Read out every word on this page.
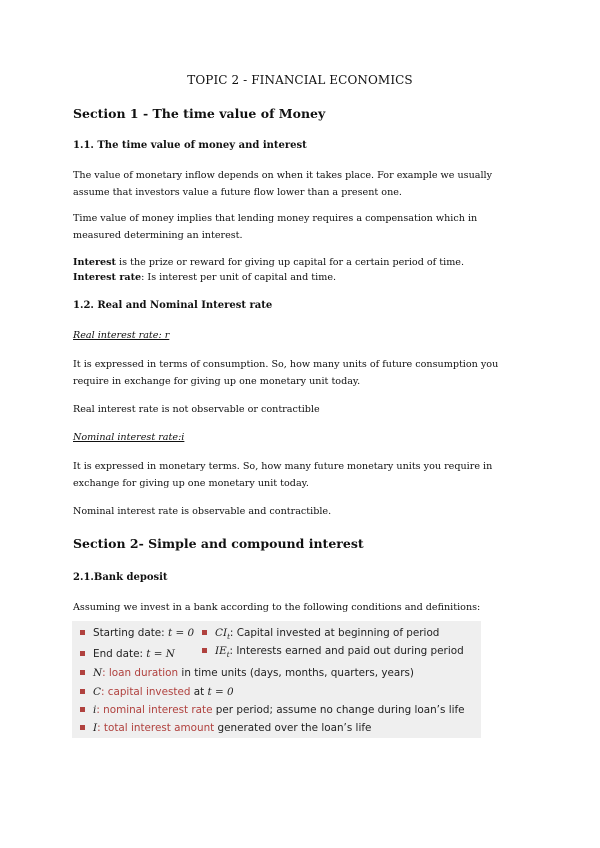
TOPIC 2 - FINANCIAL ECONOMICS
Section 1 - The time value of Money
1.1. The time value of money and interest
The value of monetary inflow depends on when it takes place. For example we usually assume that investors value a future flow lower than a present one.
Time value of money implies that lending money requires a compensation which in measured determining an interest.
Interest is the prize or reward for giving up capital for a certain period of time.
Interest rate: Is interest per unit of capital and time.
1.2. Real and Nominal Interest rate
Real interest rate: r
It is expressed in terms of consumption. So, how many units of future consumption you require in exchange for giving up one monetary unit today.
Real interest rate is not observable or contractible
Nominal interest rate:i
It is expressed in monetary terms. So, how many future monetary units you require in exchange for giving up one monetary unit today.
Nominal interest rate is observable and contractible.
Section 2- Simple and compound interest
2.1.Bank deposit
Assuming we invest in a bank according to the following conditions and definitions:
Starting date: t = 0
End date: t = N
$CI_t$: Capital invested at beginning of period
$IE_t$: Interests earned and paid out during period
N: loan duration in time units (days, months, quarters, years)
C: capital invested at t = 0
i: nominal interest rate per period; assume no change during loan’s life
I: total interest amount generated over the loan’s life
